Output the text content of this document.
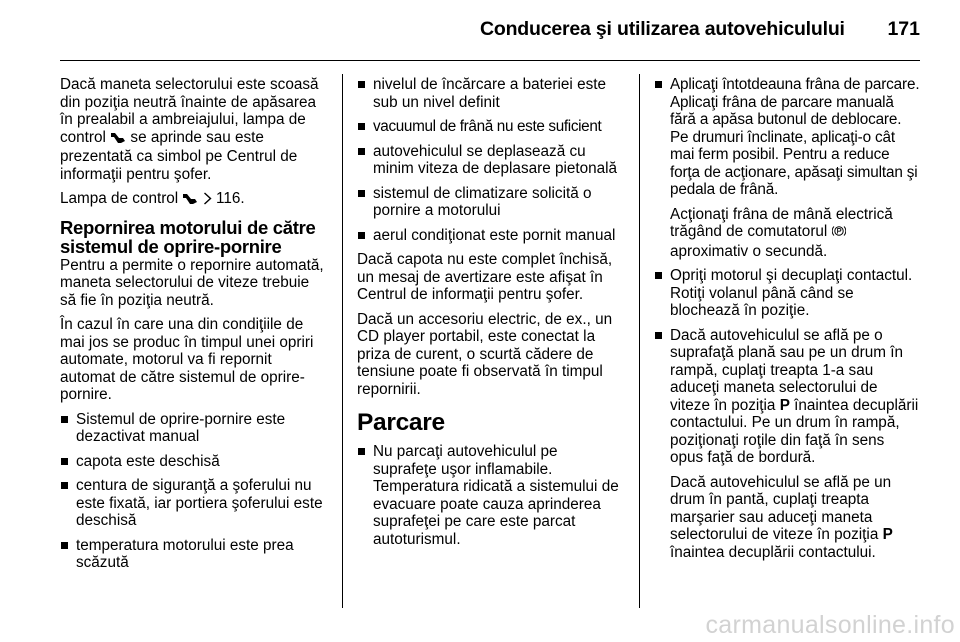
Conducerea şi utilizarea autovehiculului	171

Dacă maneta selectorului este scoasă din poziţia neutră înainte de apăsarea în prealabil a ambreiajului, lampa de control se aprinde sau este prezentată ca simbol pe Centrul de informaţii pentru şofer.

Lampa de control 116.

Repornirea motorului de către sistemul de oprire-pornire

Pentru a permite o repornire automată, maneta selectorului de viteze trebuie să fie în poziţia neutră.

În cazul în care una din condiţiile de mai jos se produc în timpul unei opriri automate, motorul va fi repornit automat de către sistemul de oprire-pornire.

Sistemul de oprire-pornire este dezactivat manual
capota este deschisă
centura de siguranţă a şoferului nu este fixată, iar portiera şoferului este deschisă
temperatura motorului este prea scăzută
nivelul de încărcare a bateriei este sub un nivel definit
vacuumul de frână nu este suficient
autovehiculul se deplasează cu minim viteza de deplasare pietonală
sistemul de climatizare solicită o pornire a motorului
aerul condiţionat este pornit manual

Dacă capota nu este complet închisă, un mesaj de avertizare este afişat în Centrul de informaţii pentru şofer.

Dacă un accesoriu electric, de ex., un CD player portabil, este conectat la priza de curent, o scurtă cădere de tensiune poate fi observată în timpul repornirii.

Parcare
Nu parcaţi autovehiculul pe suprafeţe uşor inflamabile. Temperatura ridicată a sistemului de evacuare poate cauza aprinderea suprafeţei pe care este parcat autoturismul.
Aplicaţi întotdeauna frâna de parcare. Aplicaţi frâna de parcare manuală fără a apăsa butonul de deblocare. Pe drumuri înclinate, aplicaţi-o cât mai ferm posibil. Pentru a reduce forţa de acţionare, apăsaţi simultan şi pedala de frână.

Acţionaţi frâna de mână electrică trăgând de comutatorul  aproximativ o secundă.

Opriţi motorul şi decuplaţi contactul. Rotiţi volanul până când se blochează în poziţie.
Dacă autovehiculul se află pe o suprafaţă plană sau pe un drum în rampă, cuplaţi treapta 1-a sau aduceţi maneta selectorului de viteze în poziţia P înaintea decuplării contactului. Pe un drum în rampă, poziţionaţi roţile din faţă în sens opus faţă de bordură.

Dacă autovehiculul se află pe un drum în pantă, cuplaţi treapta marşarier sau aduceţi maneta selectorului de viteze în poziţia P înaintea decuplării contactului.

carmanualsonline.info
